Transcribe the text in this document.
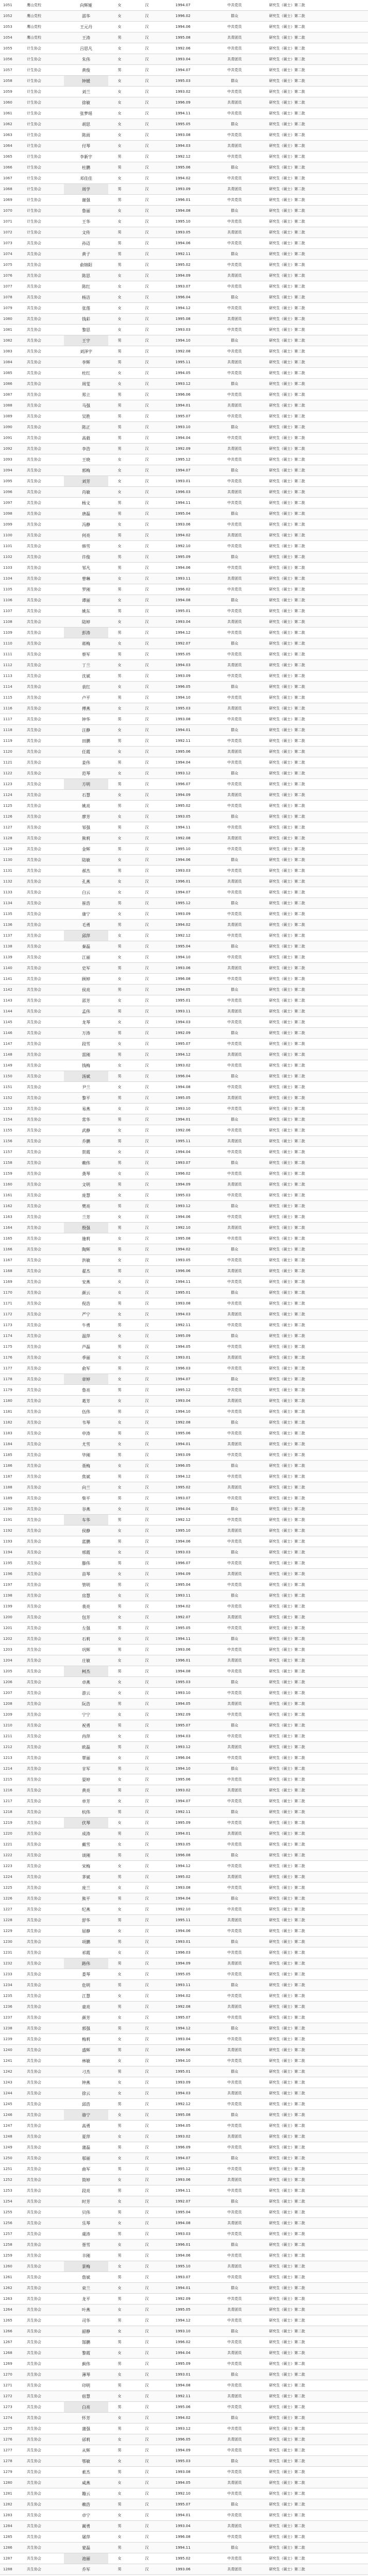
1051	鹰山党校	向辉娅	女	汉	1994.07	中共党员	研究生（硕士）第二批
1052	鹰山党校	邵华	女	汉	1996.02	群众	研究生（硕士）第二批
1053	鹰山党校	王元丹	女	汉	1994.06	中共党员	研究生（硕士）第二批
1054	鹰山党校	王涛	男	汉	1995.08	共青团员	研究生（硕士）第二批
1055	计生协会	吕思凡	女	汉	1992.06	中共党员	研究生（硕士）第二批
1056	计生协会	朱伟	女	汉	1993.04	共青团员	研究生（硕士）第二批
1057	计生协会	黄俊	男	汉	1994.07	中共党员	研究生（硕士）第二批
1058	计生协会	钟媛	女	汉	1995.03	群众	研究生（硕士）第二批
1059	计生协会	刘兰	女	汉	1993.02	中共党员	研究生（硕士）第二批
1060	计生协会	徐敏	女	汉	1996.09	共青团员	研究生（硕士）第二批
1061	计生协会	张梦瑶	女	汉	1994.11	中共党员	研究生（硕士）第二批
1062	计生协会	胡思	女	汉	1995.05	群众	研究生（硕士）第二批
1063	计生协会	陈雨	女	汉	1993.08	中共党员	研究生（硕士）第二批
1064	计生协会	付琴	女	汉	1994.03	共青团员	研究生（硕士）第二批
1065	计生协会	李新宇	男	汉	1992.12	中共党员	研究生（硕士）第二批
1066	计生协会	杜鹏	男	汉	1995.06	群众	研究生（硕士）第二批
1067	计生协会	邓佳佳	女	汉	1994.02	中共党员	研究生（硕士）第二批
1068	计生协会	周学	男	汉	1993.09	共青团员	研究生（硕士）第二批
1069	计生协会	谢强	男	汉	1996.01	中共党员	研究生（硕士）第二批
1070	计生协会	鲁丽	女	汉	1994.08	群众	研究生（硕士）第二批
1071	计生协会	王华	女	汉	1995.10	中共党员	研究生（硕士）第二批
1072	计生协会	文传	男	汉	1993.05	共青团员	研究生（硕士）第二批
1073	共生协会	孙迈	男	汉	1994.06	中共党员	研究生（硕士）第二批
1074	共生协会	黄子	男	汉	1992.11	群众	研究生（硕士）第二批
1075	共生协会	俞锦阳	男	汉	1995.02	中共党员	研究生（硕士）第二批
1076	共生协会	陈思	女	汉	1994.09	共青团员	研究生（硕士）第二批
1077	共生协会	陈红	女	汉	1993.07	中共党员	研究生（硕士）第二批
1078	共生协会	杨洁	女	汉	1996.04	群众	研究生（硕士）第二批
1079	共生协会	张莲	女	汉	1994.12	中共党员	研究生（硕士）第二批
1080	共生协会	钱彩	女	汉	1995.08	共青团员	研究生（硕士）第二批
1081	共生协会	黎思	女	汉	1993.03	中共党员	研究生（硕士）第二批
1082	共生协会	王宇	男	汉	1994.10	群众	研究生（硕士）第二批
1083	共生协会	刘泽宇	男	汉	1992.08	中共党员	研究生（硕士）第二批
1084	共生协会	李辉	男	汉	1995.11	共青团员	研究生（硕士）第二批
1085	共生协会	杜红	女	汉	1994.05	中共党员	研究生（硕士）第二批
1086	共生协会	周雯	女	汉	1993.12	群众	研究生（硕士）第二批
1087	共生协会	郑立	男	汉	1996.06	中共党员	研究生（硕士）第二批
1088	共生协会	马强	男	汉	1994.01	共青团员	研究生（硕士）第二批
1089	共生协会	吴胜	男	汉	1995.07	中共党员	研究生（硕士）第二批
1090	共生协会	陈正	男	汉	1993.10	群众	研究生（硕士）第二批
1091	共生协会	高毅	男	汉	1994.04	中共党员	研究生（硕士）第二批
1092	共生协会	李浩	男	汉	1992.09	共青团员	研究生（硕士）第二批
1093	共生协会	王晓	女	汉	1995.12	中共党员	研究生（硕士）第二批
1094	共生协会	郭梅	女	汉	1994.07	群众	研究生（硕士）第二批
1095	共生协会	刘芳	女	汉	1993.01	中共党员	研究生（硕士）第二批
1096	共生协会	肖敏	女	汉	1996.03	共青团员	研究生（硕士）第二批
1097	共生协会	杨文	男	汉	1994.11	中共党员	研究生（硕士）第二批
1098	共生协会	唐磊	男	汉	1995.04	群众	研究生（硕士）第二批
1099	共生协会	冯静	女	汉	1993.06	中共党员	研究生（硕士）第二批
1100	共生协会	何亮	男	汉	1994.02	共青团员	研究生（硕士）第二批
1101	共生协会	韩雪	女	汉	1992.10	中共党员	研究生（硕士）第二批
1102	共生协会	许俊	男	汉	1995.09	群众	研究生（硕士）第二批
1103	共生协会	邹凡	男	汉	1994.06	中共党员	研究生（硕士）第二批
1104	共生协会	曾琳	女	汉	1993.11	共青团员	研究生（硕士）第二批
1105	共生协会	罗刚	男	汉	1996.02	中共党员	研究生（硕士）第二批
1106	共生协会	谭丽	女	汉	1994.08	群众	研究生（硕士）第二批
1107	共生协会	姚东	男	汉	1995.01	中共党员	研究生（硕士）第二批
1108	共生协会	陆婷	女	汉	1993.04	共青团员	研究生（硕士）第二批
1109	共生协会	彭涛	男	汉	1994.12	中共党员	研究生（硕士）第二批
1110	共生协会	蒋梅	女	汉	1992.07	群众	研究生（硕士）第二批
1111	共生协会	蔡军	男	汉	1995.05	中共党员	研究生（硕士）第二批
1112	共生协会	丁兰	女	汉	1994.03	共青团员	研究生（硕士）第二批
1113	共生协会	沈斌	男	汉	1993.09	中共党员	研究生（硕士）第二批
1114	共生协会	袁红	女	汉	1996.05	群众	研究生（硕士）第二批
1115	共生协会	卢平	男	汉	1994.10	中共党员	研究生（硕士）第二批
1116	共生协会	傅燕	女	汉	1995.03	共青团员	研究生（硕士）第二批
1117	共生协会	钟华	男	汉	1993.08	中共党员	研究生（硕士）第二批
1118	共生协会	汪静	女	汉	1994.01	群众	研究生（硕士）第二批
1119	共生协会	田鹏	男	汉	1992.11	中共党员	研究生（硕士）第二批
1120	共生协会	任霞	女	汉	1995.06	共青团员	研究生（硕士）第二批
1121	共生协会	姜伟	男	汉	1994.04	中共党员	研究生（硕士）第二批
1122	共生协会	范琴	女	汉	1993.12	群众	研究生（硕士）第二批
1123	共生协会	方明	男	汉	1996.07	中共党员	研究生（硕士）第二批
1124	共生协会	石慧	女	汉	1994.09	共青团员	研究生（硕士）第二批
1125	共生协会	姚亮	男	汉	1995.02	中共党员	研究生（硕士）第二批
1126	共生协会	廖芳	女	汉	1993.05	群众	研究生（硕士）第二批
1127	共生协会	邹强	男	汉	1994.11	中共党员	研究生（硕士）第二批
1128	共生协会	熊莉	女	汉	1992.08	共青团员	研究生（硕士）第二批
1129	共生协会	金辉	男	汉	1995.10	中共党员	研究生（硕士）第二批
1130	共生协会	陆敏	女	汉	1994.06	群众	研究生（硕士）第二批
1131	共生协会	郝杰	男	汉	1993.03	中共党员	研究生（硕士）第二批
1132	共生协会	孔燕	女	汉	1996.01	共青团员	研究生（硕士）第二批
1133	共生协会	白云	女	汉	1994.07	中共党员	研究生（硕士）第二批
1134	共生协会	崔浩	男	汉	1995.12	群众	研究生（硕士）第二批
1135	共生协会	康宁	女	汉	1993.09	中共党员	研究生（硕士）第二批
1136	共生协会	毛勇	男	汉	1994.02	共青团员	研究生（硕士）第二批
1137	共生协会	邱萍	女	汉	1992.12	中共党员	研究生（硕士）第二批
1138	共生协会	秦磊	男	汉	1995.04	群众	研究生（硕士）第二批
1139	共生协会	江丽	女	汉	1994.10	中共党员	研究生（硕士）第二批
1140	共生协会	史军	男	汉	1993.06	共青团员	研究生（硕士）第二批
1141	共生协会	顾婷	女	汉	1996.08	中共党员	研究生（硕士）第二批
1142	共生协会	侯亮	男	汉	1994.05	群众	研究生（硕士）第二批
1143	共生协会	邵芳	女	汉	1995.01	中共党员	研究生（硕士）第二批
1144	共生协会	孟伟	男	汉	1993.11	共青团员	研究生（硕士）第二批
1145	共生协会	龙琴	女	汉	1994.03	中共党员	研究生（硕士）第二批
1146	共生协会	万涛	男	汉	1992.09	群众	研究生（硕士）第二批
1147	共生协会	段雪	女	汉	1995.07	中共党员	研究生（硕士）第二批
1148	共生协会	雷刚	男	汉	1994.12	共青团员	研究生（硕士）第二批
1149	共生协会	钱梅	女	汉	1993.02	中共党员	研究生（硕士）第二批
1150	共生协会	汤斌	男	汉	1996.04	群众	研究生（硕士）第二批
1151	共生协会	尹兰	女	汉	1994.08	中共党员	研究生（硕士）第二批
1152	共生协会	黎平	男	汉	1995.05	共青团员	研究生（硕士）第二批
1153	共生协会	易燕	女	汉	1993.10	中共党员	研究生（硕士）第二批
1154	共生协会	常华	男	汉	1994.01	群众	研究生（硕士）第二批
1155	共生协会	武静	女	汉	1992.06	中共党员	研究生（硕士）第二批
1156	共生协会	乔鹏	男	汉	1995.11	共青团员	研究生（硕士）第二批
1157	共生协会	贺霞	女	汉	1994.04	中共党员	研究生（硕士）第二批
1158	共生协会	赖伟	男	汉	1993.07	群众	研究生（硕士）第二批
1159	共生协会	龚琴	女	汉	1996.02	中共党员	研究生（硕士）第二批
1160	共生协会	文明	男	汉	1994.09	共青团员	研究生（硕士）第二批
1161	共生协会	庞慧	女	汉	1995.03	中共党员	研究生（硕士）第二批
1162	共生协会	樊亮	男	汉	1993.12	群众	研究生（硕士）第二批
1163	共生协会	兰芳	女	汉	1994.06	中共党员	研究生（硕士）第二批
1164	共生协会	殷强	男	汉	1992.10	共青团员	研究生（硕士）第二批
1165	共生协会	施莉	女	汉	1995.08	中共党员	研究生（硕士）第二批
1166	共生协会	陶辉	男	汉	1994.02	群众	研究生（硕士）第二批
1167	共生协会	洪敏	女	汉	1993.05	中共党员	研究生（硕士）第二批
1168	共生协会	翟杰	男	汉	1996.06	共青团员	研究生（硕士）第二批
1169	共生协会	安燕	女	汉	1994.11	中共党员	研究生（硕士）第二批
1170	共生协会	颜云	女	汉	1995.01	群众	研究生（硕士）第二批
1171	共生协会	倪浩	男	汉	1993.08	中共党员	研究生（硕士）第二批
1172	共生协会	严宁	女	汉	1994.03	共青团员	研究生（硕士）第二批
1173	共生协会	牛勇	男	汉	1992.11	中共党员	研究生（硕士）第二批
1174	共生协会	温萍	女	汉	1995.09	群众	研究生（硕士）第二批
1175	共生协会	芦磊	男	汉	1994.05	中共党员	研究生（硕士）第二批
1176	共生协会	季丽	女	汉	1993.01	共青团员	研究生（硕士）第二批
1177	共生协会	俞军	男	汉	1996.03	中共党员	研究生（硕士）第二批
1178	共生协会	章婷	女	汉	1994.07	群众	研究生（硕士）第二批
1179	共生协会	鲁亮	男	汉	1995.12	中共党员	研究生（硕士）第二批
1180	共生协会	葛芳	女	汉	1993.04	共青团员	研究生（硕士）第二批
1181	共生协会	伍伟	男	汉	1994.10	中共党员	研究生（硕士）第二批
1182	共生协会	韦琴	女	汉	1992.08	群众	研究生（硕士）第二批
1183	共生协会	申涛	男	汉	1995.06	中共党员	研究生（硕士）第二批
1184	共生协会	尤雪	女	汉	1994.01	共青团员	研究生（硕士）第二批
1185	共生协会	毕刚	男	汉	1993.09	中共党员	研究生（硕士）第二批
1186	共生协会	聂梅	女	汉	1996.05	群众	研究生（硕士）第二批
1187	共生协会	焦斌	男	汉	1994.12	中共党员	研究生（硕士）第二批
1188	共生协会	向兰	女	汉	1995.02	共青团员	研究生（硕士）第二批
1189	共生协会	柴平	男	汉	1993.07	中共党员	研究生（硕士）第二批
1190	共生协会	谷燕	女	汉	1994.04	群众	研究生（硕士）第二批
1191	共生协会	车华	男	汉	1992.12	中共党员	研究生（硕士）第二批
1192	共生协会	侯静	女	汉	1995.10	共青团员	研究生（硕士）第二批
1193	共生协会	蓝鹏	男	汉	1994.06	中共党员	研究生（硕士）第二批
1194	共生协会	邢霞	女	汉	1993.03	群众	研究生（硕士）第二批
1195	共生协会	滕伟	男	汉	1996.07	中共党员	研究生（硕士）第二批
1196	共生协会	苗琴	女	汉	1994.09	共青团员	研究生（硕士）第二批
1197	共生协会	管明	男	汉	1995.04	中共党员	研究生（硕士）第二批
1198	共生协会	房慧	女	汉	1993.11	群众	研究生（硕士）第二批
1199	共生协会	裴亮	男	汉	1994.02	中共党员	研究生（硕士）第二批
1200	共生协会	包芳	女	汉	1992.07	共青团员	研究生（硕士）第二批
1201	共生协会	左强	男	汉	1995.05	中共党员	研究生（硕士）第二批
1202	共生协会	石莉	女	汉	1994.11	群众	研究生（硕士）第二批
1203	共生协会	巩辉	男	汉	1993.06	中共党员	研究生（硕士）第二批
1204	共生协会	庄敏	女	汉	1996.01	共青团员	研究生（硕士）第二批
1205	共生协会	柯杰	男	汉	1994.08	中共党员	研究生（硕士）第二批
1206	共生协会	卓燕	女	汉	1995.03	群众	研究生（硕士）第二批
1207	共生协会	游云	女	汉	1993.10	中共党员	研究生（硕士）第二批
1208	共生协会	阮浩	男	汉	1994.05	共青团员	研究生（硕士）第二批
1209	共生协会	宁宁	女	汉	1992.09	中共党员	研究生（硕士）第二批
1210	共生协会	祝勇	男	汉	1995.07	群众	研究生（硕士）第二批
1211	共生协会	冉萍	女	汉	1994.03	中共党员	研究生（硕士）第二批
1212	共生协会	欧磊	男	汉	1993.12	共青团员	研究生（硕士）第二批
1213	共生协会	覃丽	女	汉	1996.04	中共党员	研究生（硕士）第二批
1214	共生协会	甘军	男	汉	1994.10	群众	研究生（硕士）第二批
1215	共生协会	晏婷	女	汉	1995.06	中共党员	研究生（硕士）第二批
1216	共生协会	黄亮	男	汉	1993.02	共青团员	研究生（硕士）第二批
1217	共生协会	单芳	女	汉	1994.07	中共党员	研究生（硕士）第二批
1218	共生协会	杭伟	男	汉	1992.11	群众	研究生（硕士）第二批
1219	共生协会	伏琴	女	汉	1995.09	中共党员	研究生（硕士）第二批
1220	共生协会	成涛	男	汉	1994.01	共青团员	研究生（硕士）第二批
1221	共生协会	戴雪	女	汉	1993.05	中共党员	研究生（硕士）第二批
1222	共生协会	谈刚	男	汉	1996.08	群众	研究生（硕士）第二批
1223	共生协会	宋梅	女	汉	1994.12	中共党员	研究生（硕士）第二批
1224	共生协会	茅斌	男	汉	1995.02	共青团员	研究生（硕士）第二批
1225	共生协会	庞兰	女	汉	1993.08	中共党员	研究生（硕士）第二批
1226	共生协会	熊平	男	汉	1994.04	群众	研究生（硕士）第二批
1227	共生协会	纪燕	女	汉	1992.10	中共党员	研究生（硕士）第二批
1228	共生协会	舒华	男	汉	1995.11	共青团员	研究生（硕士）第二批
1229	共生协会	屈静	女	汉	1994.06	中共党员	研究生（硕士）第二批
1230	共生协会	项鹏	男	汉	1993.01	群众	研究生（硕士）第二批
1231	共生协会	祁霞	女	汉	1996.03	中共党员	研究生（硕士）第二批
1232	共生协会	路伟	男	汉	1994.09	共青团员	研究生（硕士）第二批
1233	共生协会	娄琴	女	汉	1995.05	中共党员	研究生（硕士）第二批
1234	共生协会	危明	男	汉	1993.11	群众	研究生（硕士）第二批
1235	共生协会	江慧	女	汉	1994.02	中共党员	研究生（硕士）第二批
1236	共生协会	童亮	男	汉	1992.08	共青团员	研究生（硕士）第二批
1237	共生协会	颜芳	女	汉	1995.07	中共党员	研究生（硕士）第二批
1238	共生协会	郭强	男	汉	1994.12	群众	研究生（硕士）第二批
1239	共生协会	梅莉	女	汉	1993.04	中共党员	研究生（硕士）第二批
1240	共生协会	盛辉	男	汉	1996.06	共青团员	研究生（硕士）第二批
1241	共生协会	林敏	女	汉	1994.10	中共党员	研究生（硕士）第二批
1242	共生协会	刁杰	男	汉	1995.01	群众	研究生（硕士）第二批
1243	共生协会	钟燕	女	汉	1993.09	中共党员	研究生（硕士）第二批
1244	共生协会	徐云	女	汉	1994.03	共青团员	研究生（硕士）第二批
1245	共生协会	邱浩	男	汉	1992.12	中共党员	研究生（硕士）第二批
1246	共生协会	骆宁	女	汉	1995.08	群众	研究生（硕士）第二批
1247	共生协会	高勇	男	汉	1994.05	中共党员	研究生（硕士）第二批
1248	共生协会	夏萍	女	汉	1993.02	共青团员	研究生（硕士）第二批
1249	共生协会	蒲磊	男	汉	1996.09	中共党员	研究生（硕士）第二批
1250	共生协会	邬丽	女	汉	1994.07	群众	研究生（硕士）第二批
1251	共生协会	曲军	男	汉	1995.12	中共党员	研究生（硕士）第二批
1252	共生协会	简婷	女	汉	1993.06	共青团员	研究生（硕士）第二批
1253	共生协会	段亮	男	汉	1994.11	中共党员	研究生（硕士）第二批
1254	共生协会	时芳	女	汉	1992.07	群众	研究生（硕士）第二批
1255	共生协会	贝伟	男	汉	1995.04	中共党员	研究生（硕士）第二批
1256	共生协会	乐琴	女	汉	1994.08	共青团员	研究生（硕士）第二批
1257	共生协会	虞涛	男	汉	1993.03	中共党员	研究生（硕士）第二批
1258	共生协会	胥雪	女	汉	1996.01	群众	研究生（硕士）第二批
1259	共生协会	丰刚	男	汉	1994.06	中共党员	研究生（硕士）第二批
1260	共生协会	景梅	女	汉	1995.10	共青团员	研究生（硕士）第二批
1261	共生协会	詹斌	男	汉	1993.07	中共党员	研究生（硕士）第二批
1262	共生协会	束兰	女	汉	1994.01	群众	研究生（硕士）第二批
1263	共生协会	龙平	男	汉	1992.09	中共党员	研究生（硕士）第二批
1264	共生协会	叶燕	女	汉	1995.05	共青团员	研究生（硕士）第二批
1265	共生协会	司华	男	汉	1994.12	中共党员	研究生（硕士）第二批
1266	共生协会	韶静	女	汉	1993.10	群众	研究生（硕士）第二批
1267	共生协会	郜鹏	男	汉	1996.02	中共党员	研究生（硕士）第二批
1268	共生协会	黎霞	女	汉	1994.04	共青团员	研究生（硕士）第二批
1269	共生协会	蓟伟	男	汉	1995.09	中共党员	研究生（硕士）第二批
1270	共生协会	薄琴	女	汉	1993.01	群众	研究生（硕士）第二批
1271	共生协会	印明	男	汉	1994.08	中共党员	研究生（硕士）第二批
1272	共生协会	宿慧	女	汉	1992.11	共青团员	研究生（硕士）第二批
1273	共生协会	白亮	男	汉	1995.06	中共党员	研究生（硕士）第二批
1274	共生协会	怀芳	女	汉	1994.02	群众	研究生（硕士）第二批
1275	共生协会	蒲强	男	汉	1993.12	中共党员	研究生（硕士）第二批
1276	共生协会	邰莉	女	汉	1996.05	共青团员	研究生（硕士）第二批
1277	共生协会	从辉	男	汉	1994.09	中共党员	研究生（硕士）第二批
1278	共生协会	鄂敏	女	汉	1995.03	群众	研究生（硕士）第二批
1279	共生协会	索杰	男	汉	1993.08	中共党员	研究生（硕士）第二批
1280	共生协会	咸燕	女	汉	1994.05	共青团员	研究生（硕士）第二批
1281	共生协会	籍云	女	汉	1992.10	中共党员	研究生（硕士）第二批
1282	共生协会	赖浩	男	汉	1995.07	群众	研究生（硕士）第二批
1283	共生协会	卓宁	女	汉	1994.01	中共党员	研究生（硕士）第二批
1284	共生协会	蔺勇	男	汉	1993.04	共青团员	研究生（硕士）第二批
1285	共生协会	屠萍	女	汉	1996.08	中共党员	研究生（硕士）第二批
1286	共生协会	蒙磊	男	汉	1994.11	群众	研究生（硕士）第二批
1287	共生协会	池丽	女	汉	1995.02	中共党员	研究生（硕士）第二批
1288	共生协会	乔军	男	汉	1993.06	共青团员	研究生（硕士）第二批
